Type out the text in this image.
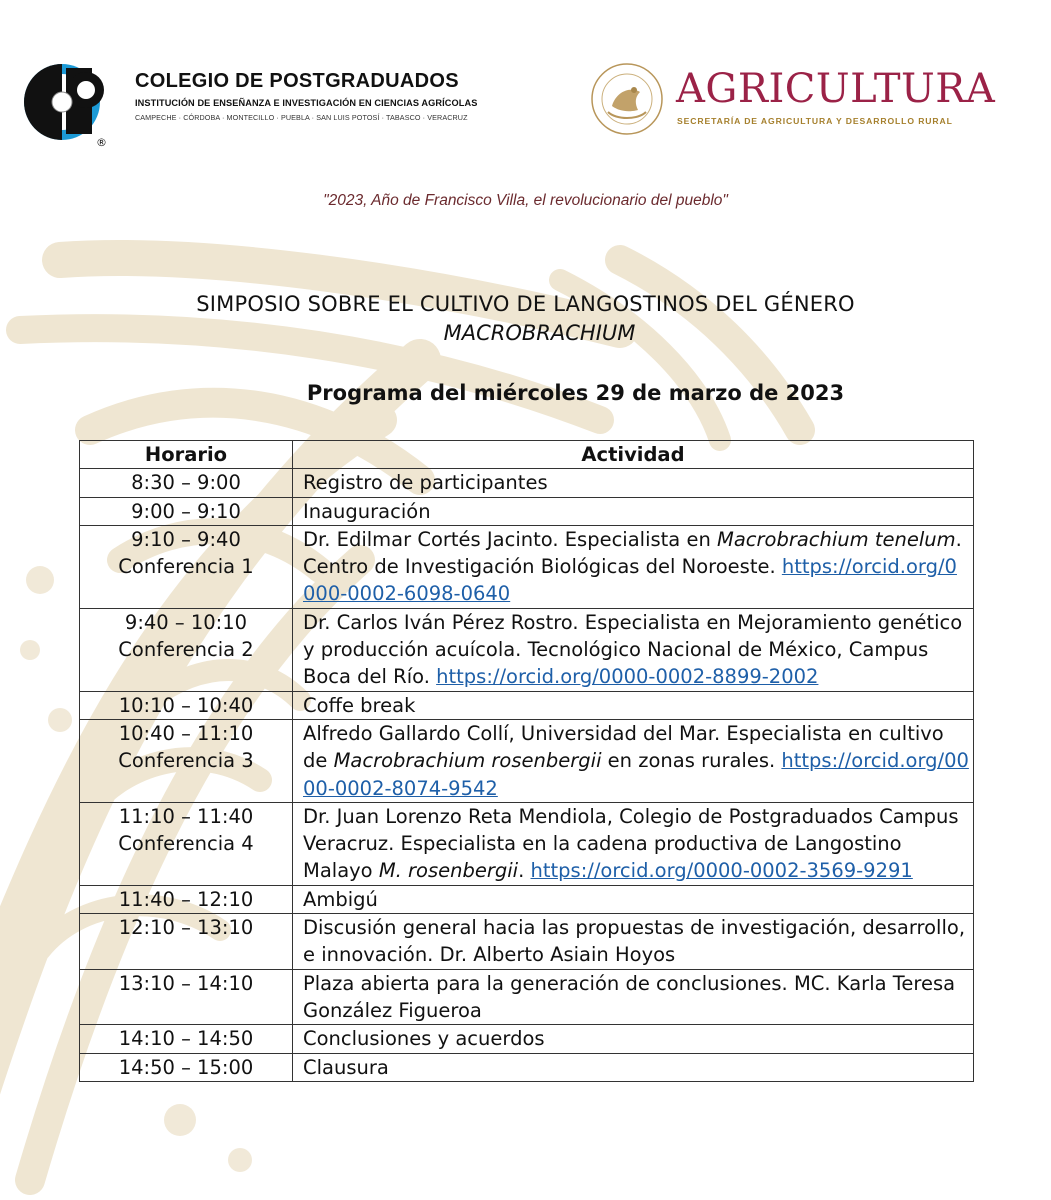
®
COLEGIO DE POSTGRADUADOS
INSTITUCIÓN DE ENSEÑANZA E INVESTIGACIÓN EN CIENCIAS AGRÍCOLAS
CAMPECHE · CÓRDOBA · MONTECILLO · PUEBLA · SAN LUIS POTOSÍ · TABASCO · VERACRUZ
AGRICULTURA
SECRETARÍA DE AGRICULTURA Y DESARROLLO RURAL
"2023, Año de Francisco Villa, el revolucionario del pueblo"
SIMPOSIO SOBRE EL CULTIVO DE LANGOSTINOS DEL GÉNERO
MACROBRACHIUM
Programa del miércoles 29 de marzo de 2023
Horario	Actividad
8:30 – 9:00	Registro de participantes
9:00 – 9:10	Inauguración

9:10 – 9:40
Conferencia 1	Dr. Edilmar Cortés Jacinto. Especialista en Macrobrachium tenelum. Centro de Investigación Biológicas del Noroeste. https://orcid.org/0000-0002-6098-0640

9:40 – 10:10
Conferencia 2	Dr. Carlos Iván Pérez Rostro. Especialista en Mejoramiento genético y producción acuícola. Tecnológico Nacional de México, Campus Boca del Río. https://orcid.org/0000-0002-8899-2002
10:10 – 10:40	Coffe break

10:40 – 11:10
Conferencia 3	Alfredo Gallardo Collí, Universidad del Mar. Especialista en cultivo de Macrobrachium rosenbergii en zonas rurales. https://orcid.org/0000-0002-8074-9542

11:10 – 11:40
Conferencia 4	Dr. Juan Lorenzo Reta Mendiola, Colegio de Postgraduados Campus Veracruz. Especialista en la cadena productiva de Langostino Malayo M. rosenbergii. https://orcid.org/0000-0002-3569-9291
11:40 – 12:10	Ambigú
12:10 – 13:10	Discusión general hacia las propuestas de investigación, desarrollo, e innovación. Dr. Alberto Asiain Hoyos
13:10 – 14:10	Plaza abierta para la generación de conclusiones. MC. Karla Teresa González Figueroa
14:10 – 14:50	Conclusiones y acuerdos
14:50 – 15:00	Clausura
